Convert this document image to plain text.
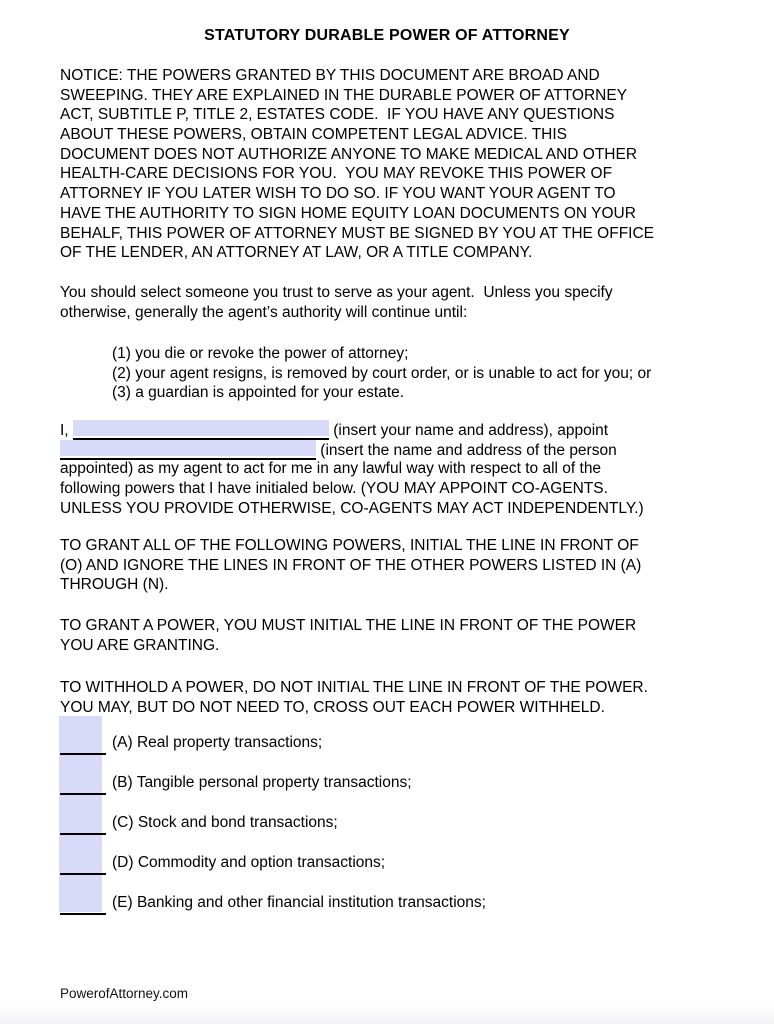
STATUTORY DURABLE POWER OF ATTORNEY
NOTICE: THE POWERS GRANTED BY THIS DOCUMENT ARE BROAD AND
SWEEPING. THEY ARE EXPLAINED IN THE DURABLE POWER OF ATTORNEY
ACT, SUBTITLE P, TITLE 2, ESTATES CODE.  IF YOU HAVE ANY QUESTIONS
ABOUT THESE POWERS, OBTAIN COMPETENT LEGAL ADVICE. THIS
DOCUMENT DOES NOT AUTHORIZE ANYONE TO MAKE MEDICAL AND OTHER
HEALTH-CARE DECISIONS FOR YOU.  YOU MAY REVOKE THIS POWER OF
ATTORNEY IF YOU LATER WISH TO DO SO. IF YOU WANT YOUR AGENT TO
HAVE THE AUTHORITY TO SIGN HOME EQUITY LOAN DOCUMENTS ON YOUR
BEHALF, THIS POWER OF ATTORNEY MUST BE SIGNED BY YOU AT THE OFFICE
OF THE LENDER, AN ATTORNEY AT LAW, OR A TITLE COMPANY.
You should select someone you trust to serve as your agent.  Unless you specify
otherwise, generally the agent’s authority will continue until:
(1) you die or revoke the power of attorney;
(2) your agent resigns, is removed by court order, or is unable to act for you; or
(3) a guardian is appointed for your estate.
I,	(insert your name and address), appoint
(insert the name and address of the person
appointed) as my agent to act for me in any lawful way with respect to all of the
following powers that I have initialed below. (YOU MAY APPOINT CO-AGENTS.
UNLESS YOU PROVIDE OTHERWISE, CO-AGENTS MAY ACT INDEPENDENTLY.)
TO GRANT ALL OF THE FOLLOWING POWERS, INITIAL THE LINE IN FRONT OF
(O) AND IGNORE THE LINES IN FRONT OF THE OTHER POWERS LISTED IN (A)
THROUGH (N).
TO GRANT A POWER, YOU MUST INITIAL THE LINE IN FRONT OF THE POWER
YOU ARE GRANTING.
TO WITHHOLD A POWER, DO NOT INITIAL THE LINE IN FRONT OF THE POWER.
YOU MAY, BUT DO NOT NEED TO, CROSS OUT EACH POWER WITHHELD.
(A) Real property transactions;
(B) Tangible personal property transactions;
(C) Stock and bond transactions;
(D) Commodity and option transactions;
(E) Banking and other financial institution transactions;
PowerofAttorney.com
